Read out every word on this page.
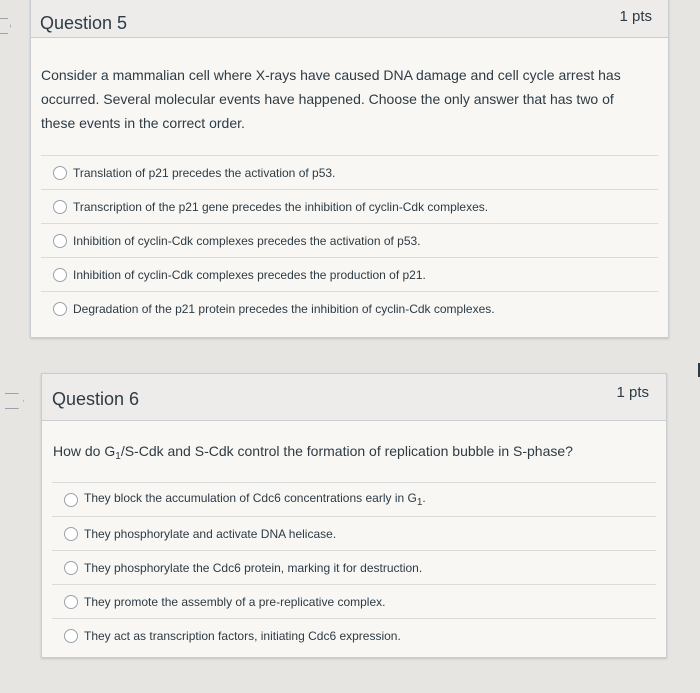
Question 5	1 pts
Consider a mammalian cell where X-rays have caused DNA damage and cell cycle arrest has occurred. Several molecular events have happened. Choose the only answer that has two of these events in the correct order.
Translation of p21 precedes the activation of p53.
Transcription of the p21 gene precedes the inhibition of cyclin-Cdk complexes.
Inhibition of cyclin-Cdk complexes precedes the activation of p53.
Inhibition of cyclin-Cdk complexes precedes the production of p21.
Degradation of the p21 protein precedes the inhibition of cyclin-Cdk complexes.
Question 6	1 pts
How do $G_1/S$-Cdk and S-Cdk control the formation of replication bubble in S-phase?
They block the accumulation of Cdc6 concentrations early in $G_1$.
They phosphorylate and activate DNA helicase.
They phosphorylate the Cdc6 protein, marking it for destruction.
They promote the assembly of a pre-replicative complex.
They act as transcription factors, initiating Cdc6 expression.
